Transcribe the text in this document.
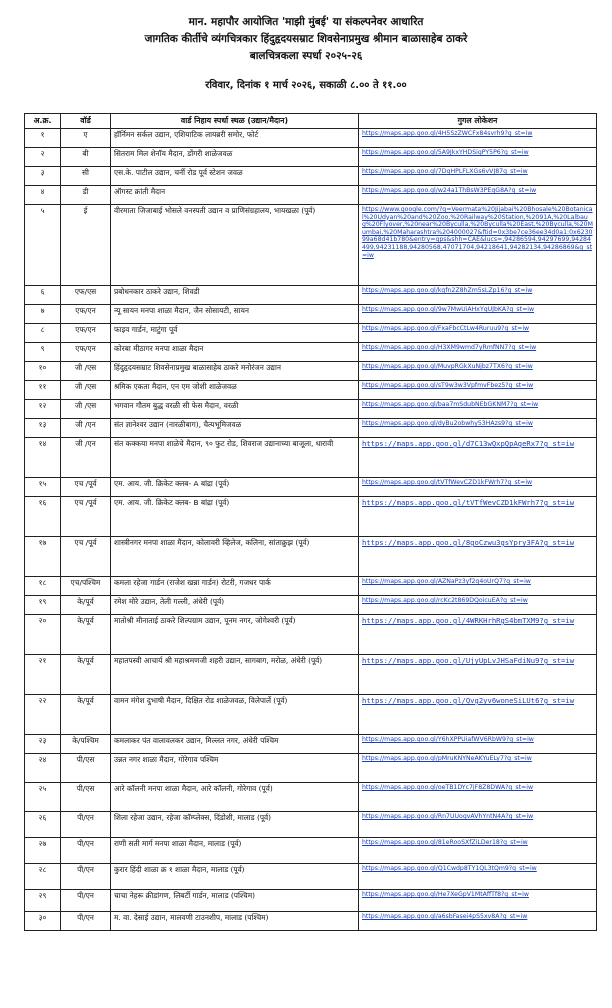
मान. महापौर आयोजित 'माझी मुंबई' या संकल्पनेवर आधारित
जागतिक कीर्तीचे व्यंगचित्रकार हिंदुहृदयसम्राट शिवसेनाप्रमुख श्रीमान बाळासाहेब ठाकरे
बालचित्रकला स्पर्धा २०२५-२६
रविवार, दिनांक १ मार्च २०२६, सकाळी ८.०० ते ११.००
अ.क्र.	वॉर्ड	वार्ड निहाय स्पर्धा स्थळ (उद्यान/मैदान)	गुगल लोकेशन
१	ए	हॉर्निमन सर्कल उद्यान, एशियाटिक लायब्ररी समोर, फोर्ट	https://maps.app.goo.gl/4H5SzZWCFx84svrh9?g_st=iw
२	बी	सितराम मिल शेनॉय मैदान, डोंगरी शाळेजवळ	https://maps.app.goo.gl/5A9JkxYHDSigPY5P6?g_st=iw
३	सी	एस.के. पाटील उद्यान, चर्नी रोड पूर्व स्टेशन जवळ	https://maps.app.goo.gl/7DqHPLFLXGs6vVJ87g_st=iw
४	डी	ऑगस्ट क्रांती मैदान	https://maps.app.goo.gl/w24a1ThBsW3PEqG8A?g_st=iw
५	ई	वीरमाता जिजाबाई भोसले वनस्पती उद्यान व प्राणिसंग्रहालय, भायखळा (पूर्व)	https://www.google.com/?q=Veermata%20Jijabai%20Bhosale%20Botanical%20Udyan%20and%20Zoo,%20Railway%20Station,%2091A,%20Lalbaug%20Flyover,%20near%20Byculla,%20Byculla%20East,%20Byculla,%20Mumbai,%20Maharashtra%204000027&ftid=0x3be7ce36ee34d0a1:0x623099a68d41b780&entry=gps&shh=CAE&lucs=,94286594,94297699,94284499,94231188,94280568,47071704,94218641,94282134,94286869&g_st=iw
६	एफ/एस	प्रबोधनकार ठाकरे उद्यान, शिवडी	https://maps.app.goo.gl/kgfn2Z8hZm5sLZp16?g_st=iw
७	एफ/एन	न्यू सायन मनपा शाळा मैदान, जैन सोसायटी, सायन	https://maps.app.goo.gl/9w7MwUiAHxYqUJbKA?g_st=iw
८	एफ/एन	फाइव गार्डन, माटुंगा पूर्व	https://maps.app.goo.gl/FxaFbcCtLw4Ruruu9?g_st=iw
९	एफ/एन	कोरबा मीठागर मनपा शाळा मैदान	https://maps.app.goo.gl/H3XM9wmd7yRmfNN7?g_st=iw
१०	जी /एस	हिंदुहृदयसम्राट शिवसेनाप्रमुख बाळासाहेब ठाकरे मनोरंजन उद्यान	https://maps.app.goo.gl/MuvpRGkXuNjbz7TX6?g_st=iw
११	जी /एस	श्रमिक एकता मैदान, एन एम जोशी शाळेजवळ	https://maps.app.goo.gl/sT9w3w3VpfmvFbez5?g_st=iw
१२	जी /एस	भगवान गौतम बुद्ध वरळी सी फेस मैदान, वरळी	https://maps.app.goo.gl/baa7mSdubNEbGKNM7?g_st=iw
१३	जी /एन	संत ज्ञानेश्वर उद्यान (नारळीबाग), चैत्यभूमिजवळ	https://maps.app.goo.gl/dyBu2obwhy53HAzs9?g_st=iw
१४	जी /एन	संत कक्कया मनपा शाळेचे मैदान, ९० फुट रोड, शिवराज उद्यानाच्या बाजूला, धारावी	https://maps.app.goo.gl/d7C13wQxpQpAgeRx7?g_st=iw
१५	एच /पूर्व	एम. आय. जी. क्रिकेट क्लब- A बांद्रा (पूर्व)	https://maps.app.goo.gl/tVTfWevCZD1kFWrh7?g_st=iw
१६	एच /पूर्व	एम. आय. जी. क्रिकेट क्लब- B बांद्रा (पूर्व)	https://maps.app.goo.gl/tVTfWevCZD1kFWrh7?g_st=iw
१७	एच /पूर्व	शास्त्रीनगर मनपा शाळा मैदान, कोलावरी व्हिलेज, कलिना, सांताक्रुझ (पूर्व)	https://maps.app.goo.gl/8goCzwu3gsYpry3FA?g_st=iw
१८	एच/पश्चिम	कमला रहेजा गार्डन (राजेश खन्ना गार्डन) रोटरी, गजधर पार्क	https://maps.app.goo.gl/AZNaPz3yf2q4oUrQ7?g_st=iw
१९	के/पूर्व	रमेश मोरे उद्यान, तेली गल्ली, अंधेरी (पूर्व)	https://maps.app.goo.gl/rcKc2t869DQoicuEA?g_st=iw
२०	के/पूर्व	मातोश्री मीनाताई ठाकरे शिल्पग्राम उद्यान, पूनम नगर, जोगेश्वरी (पूर्व)	https://maps.app.goo.gl/4WRKHrhRgS4bmTXM9?g_st=iw
२१	के/पूर्व	महातपस्वी आचार्य श्री महाश्रमणजी शहरी उद्यान, सागबाग, मरोळ, अंधेरी (पूर्व)	https://maps.app.goo.gl/UjyUpLvJHSaFdiNu9?g_st=iw
२२	के/पूर्व	वामन मंगेश दुभाषी मैदान, दिक्षित रोड शाळेजवळ, विलेपार्ले (पूर्व)	https://maps.app.goo.gl/Qvg2yv6woneSiLUt6?g_st=iw
२३	के/पश्चिम	कमलाकर पंत वालावलकर उद्यान, मिल्लत नगर, अंधेरी पश्चिम	https://maps.app.goo.gl/Y6hXPPUiafWV6RbW9?g_st=iw
२४	पी/एस	उन्नत नगर शाळा मैदान, गोरेगाव पश्चिम	https://maps.app.goo.gl/pMruKNYNeAKYuELy7?g_st=iw
२५	पी/एस	आरे कॉलनी मनपा शाळा मैदान, आरे कॉलनी, गोरेगाव (पूर्व)	https://maps.app.goo.gl/oeTB1DYc7jF8Z8DWA?g_st=iw
२६	पी/एन	शिला रहेजा उद्यान, रहेजा कॉम्प्लेक्स, दिंडोशी, मालाड (पूर्व)	https://maps.app.goo.gl/Rn7UUogvAVhYntN4A?g_st=iw
२७	पी/एन	राणी सती मार्ग मनपा शाळा मैदान, मालाड (पूर्व)	https://maps.app.goo.gl/81eRooSXfZiLDer18?g_st=iw
२८	पी/एन	कुरार हिंदी शाळा क्र १ शाळा मैदान, मालाड (पूर्व)	https://maps.app.goo.gl/Q1Cwdp8TY1QL3tQm9?g_st=iw
२९	पी/एन	चाचा नेहरू क्रीडांगण, लिबर्टी गार्डन, मालाड (पश्चिम)	https://maps.app.goo.gl/He7XeGpV1MtAffTf8?g_st=iw
३०	पी/एन	म. वा. देसाई उद्यान, मालवणी टाउनशीप, मालाड (पश्चिम)	https://maps.app.goo.gl/a6sbFasei4pS5xv8A?g_st=iw
